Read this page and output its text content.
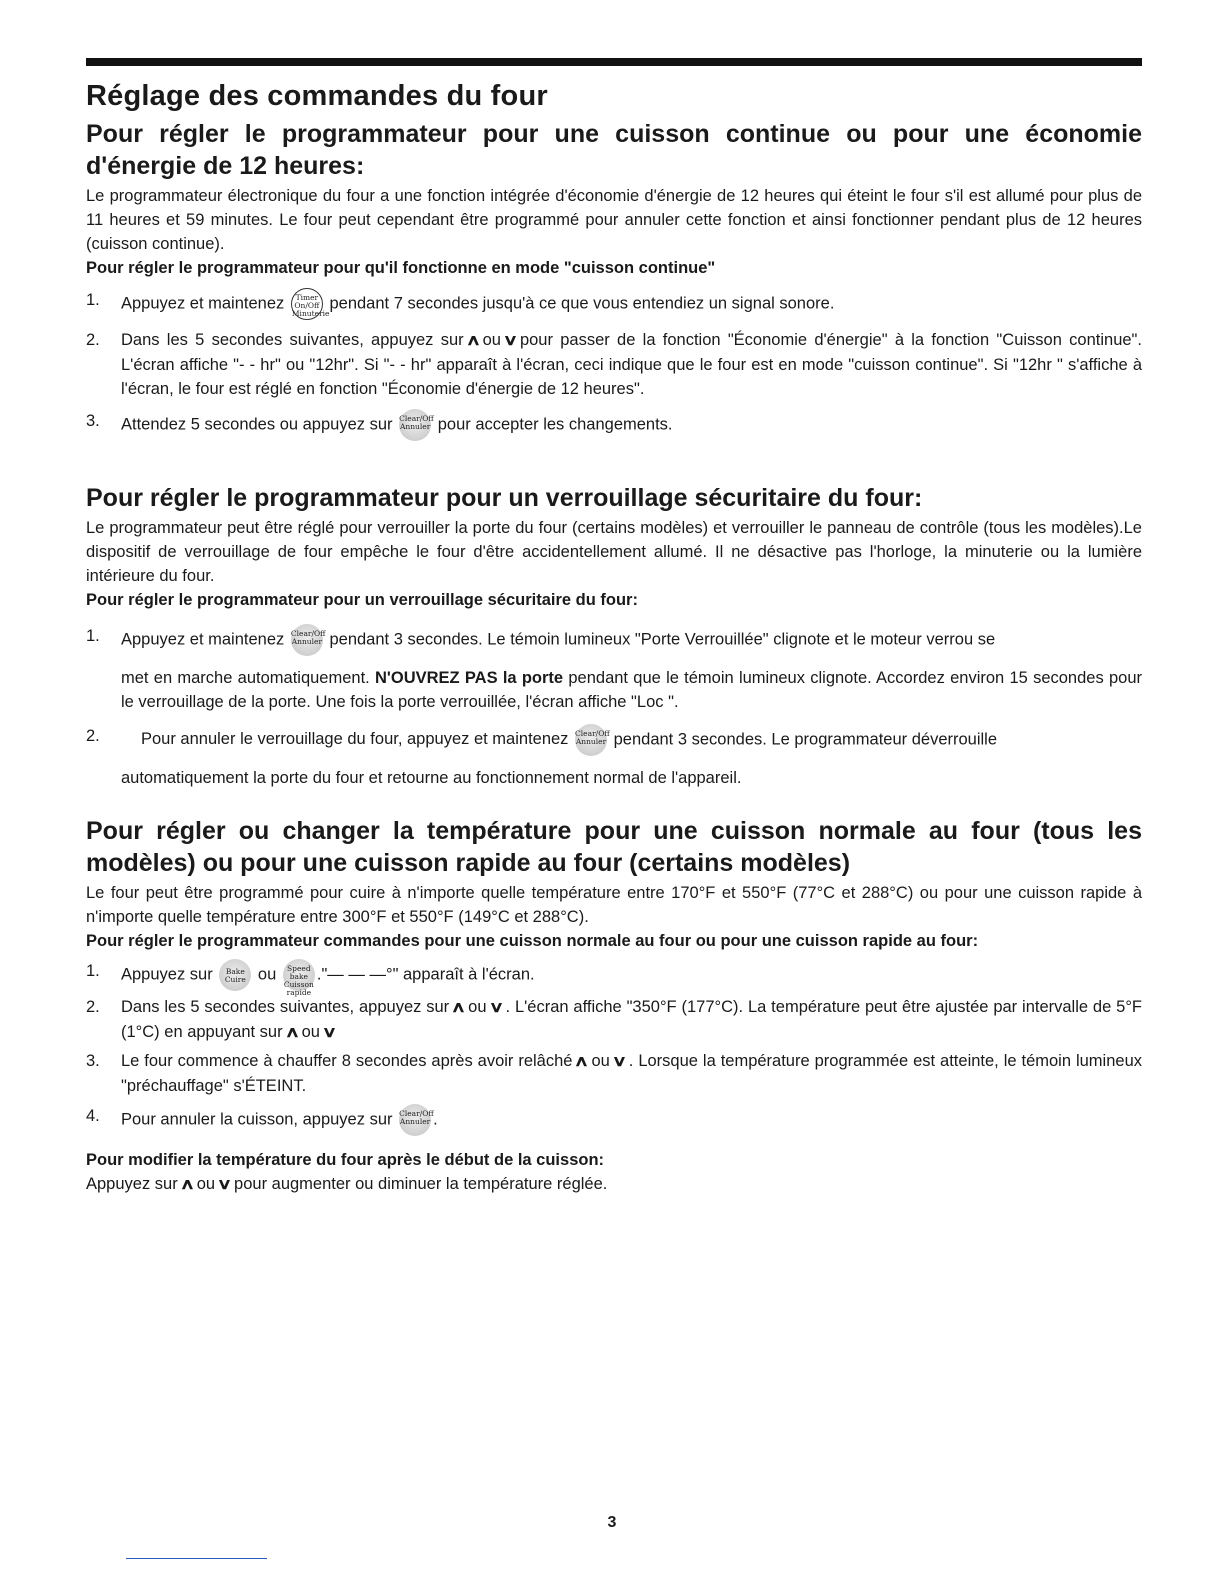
Réglage des commandes du four
Pour régler le programmateur pour une cuisson continue ou pour une économie d'énergie de 12 heures:

Le programmateur électronique du four a une fonction intégrée d'économie d'énergie de 12 heures qui éteint le four s'il est allumé pour plus de 11 heures et 59 minutes. Le four peut cependant être programmé pour annuler cette fonction et ainsi fonctionner pendant plus de 12 heures (cuisson continue).

Pour régler le programmateur pour qu'il fonctionne en mode "cuisson continue"
1.	Appuyez et maintenez	Timer
On/Off
Minuterie
pendant 7 secondes jusqu'à ce que vous entendiez un signal sonore.
2.	Dans les 5 secondes suivantes, appuyez sur ∧ ou ∨ pour passer de la fonction "Économie d'énergie" à la fonction "Cuisson continue". L'écran affiche "- - hr" ou "12hr". Si "- - hr" apparaît à l'écran, ceci indique que le four est en mode "cuisson continue". Si "12hr " s'affiche à l'écran, le four est réglé en fonction "Économie d'énergie de 12 heures".
3.	Attendez 5 secondes ou appuyez sur Clear/Off
Annuler pour accepter les changements.
Pour régler le programmateur pour un verrouillage sécuritaire du four:

Le programmateur peut être réglé pour verrouiller la porte du four (certains modèles) et verrouiller le panneau de contrôle (tous les modèles).Le dispositif de verrouillage de four empêche le four d'être accidentellement allumé. Il ne désactive pas l'horloge, la minuterie ou la lumière intérieure du four.

Pour régler le programmateur pour un verrouillage sécuritaire du four:
1.	Appuyez et maintenez Clear/Off
Annuler pendant 3 secondes. Le témoin lumineux "Porte Verrouillée" clignote et le moteur verrou se
met en marche automatiquement. N'OUVREZ PAS la porte pendant que le témoin lumineux clignote. Accordez environ 15 secondes pour le verrouillage de la porte. Une fois la porte verrouillée, l'écran affiche "Loc ".
2.	Pour annuler le verrouillage du four, appuyez et maintenez Clear/Off
Annuler pendant 3 secondes. Le programmateur déverrouille
automatiquement la porte du four et retourne au fonctionnement normal de l'appareil.
Pour régler ou changer la température pour une cuisson normale au four (tous les modèles) ou pour une cuisson rapide au four (certains modèles)

Le four peut être programmé pour cuire à n'importe quelle température entre 170°F et 550°F (77°C et 288°C) ou pour une cuisson rapide à n'importe quelle température entre 300°F et 550°F (149°C et 288°C).

Pour régler le programmateur commandes pour une cuisson normale au four ou pour une cuisson rapide au four:
1.	Appuyez sur	Bake
Cuire ou	Speed bake
Cuisson
rapide
."— — —°" apparaît à l'écran.
2.	Dans les 5 secondes suivantes, appuyez sur ∧ ou ∨ . L'écran affiche "350°F (177°C). La température peut être ajustée par intervalle de 5°F (1°C) en appuyant sur ∧ ou ∨
3.	Le four commence à chauffer 8 secondes après avoir relâché ∧ ou ∨ . Lorsque la température programmée est atteinte, le témoin lumineux "préchauffage" s'ÉTEINT.
4.	Pour annuler la cuisson, appuyez sur Clear/Off
Annuler .
Pour modifier la température du four après le début de la cuisson:

Appuyez sur ∧ ou ∨ pour augmenter ou diminuer la température réglée.

3
